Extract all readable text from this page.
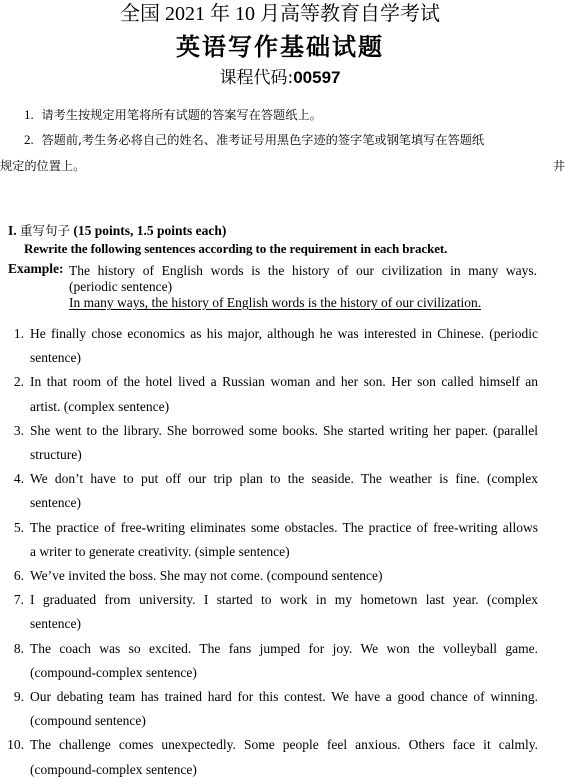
全国 2021 年 10 月高等教育自学考试
英语写作基础试题
课程代码:00597
1. 请考生按规定用笔将所有试题的答案写在答题纸上。
2. 答题前,考生务必将自己的姓名、准考证号用黑色字迹的签字笔或钢笔填写在答题纸
规定的位置上。	井
I. 重写句子 (15 points, 1.5 points each)
Rewrite the following sentences according to the requirement in each bracket.
Example: The history of English words is the history of our civilization in many ways.
(periodic sentence)
In many ways, the history of English words is the history of our civilization.
1. He finally chose economics as his major, although he was interested in Chinese. (periodic
sentence)
2. In that room of the hotel lived a Russian woman and her son. Her son called himself an
artist. (complex sentence)
3. She went to the library. She borrowed some books. She started writing her paper. (parallel
structure)
4. We don’t have to put off our trip plan to the seaside. The weather is fine. (complex
sentence)
5. The practice of free-writing eliminates some obstacles. The practice of free-writing allows
a writer to generate creativity. (simple sentence)
6. We’ve invited the boss. She may not come. (compound sentence)
7. I graduated from university. I started to work in my hometown last year. (complex
sentence)
8. The coach was so excited. The fans jumped for joy. We won the volleyball game.
(compound-complex sentence)
9. Our debating team has trained hard for this contest. We have a good chance of winning.
(compound sentence)
10. The challenge comes unexpectedly. Some people feel anxious. Others face it calmly.
(compound-complex sentence)
